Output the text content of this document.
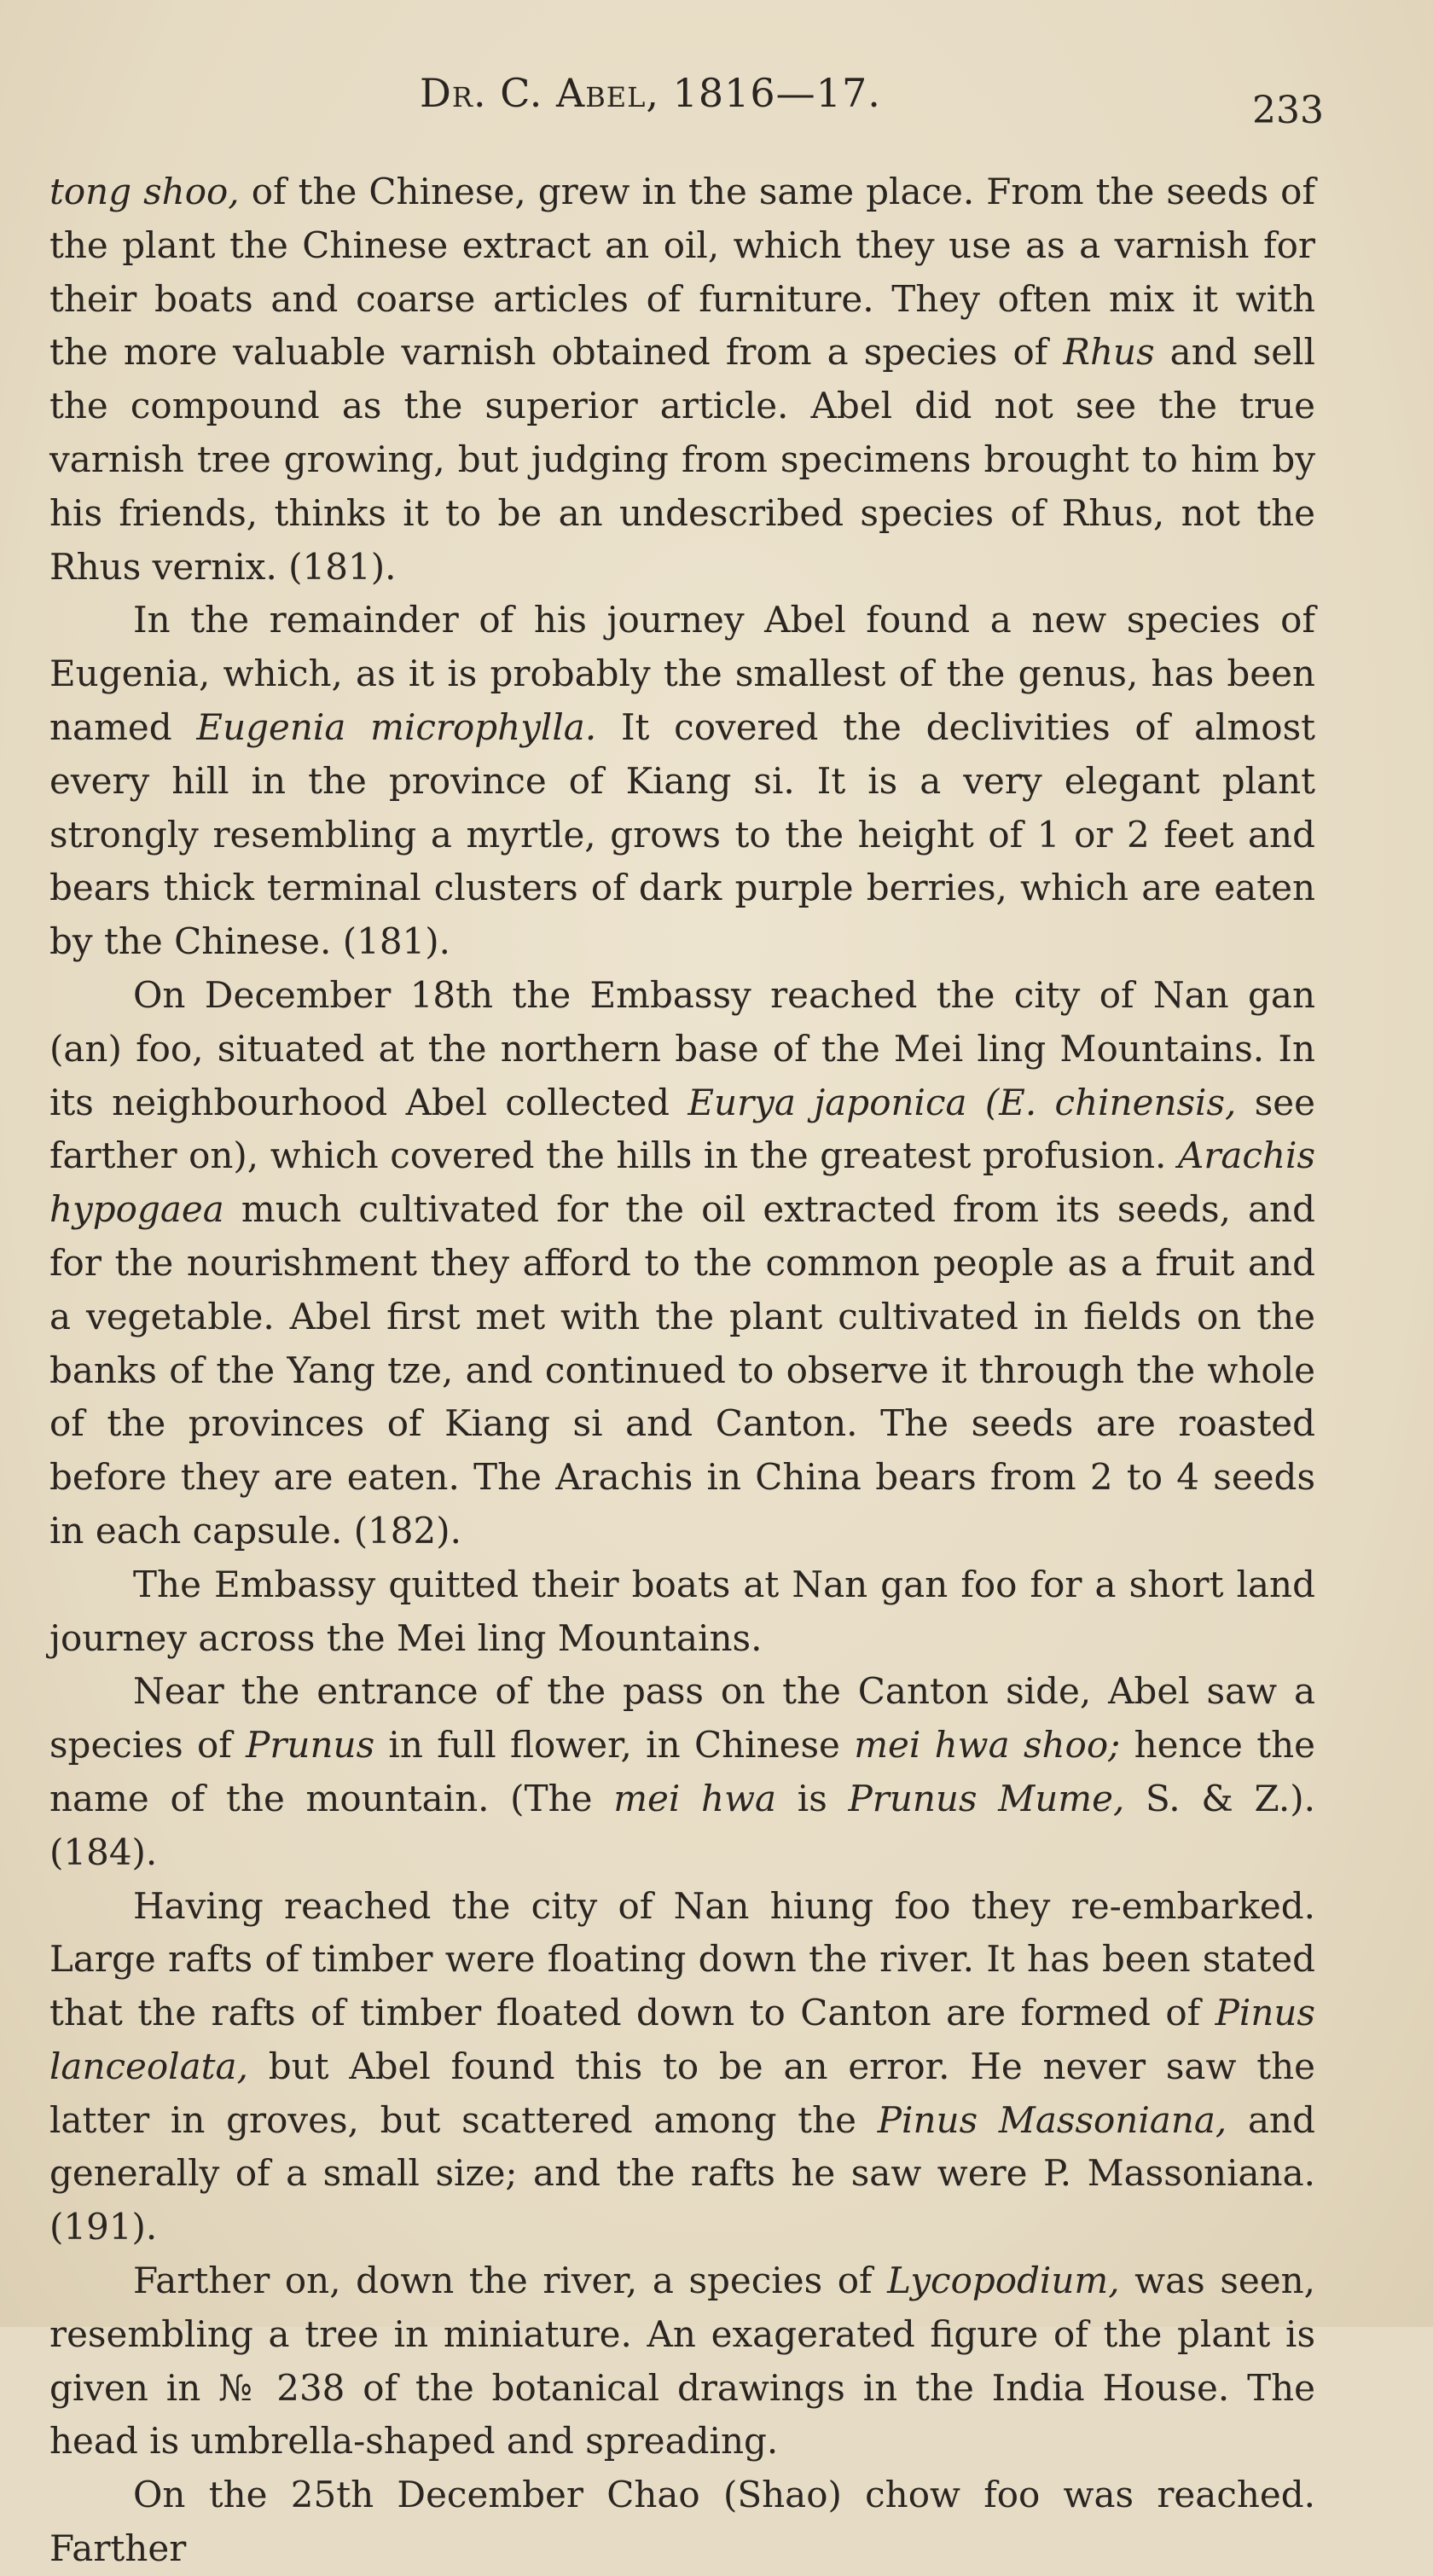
Dr. C. Abel, 1816—17.	233

tong shoo, of the Chinese, grew in the same place. From the seeds of the plant the Chinese extract an oil, which they use as a varnish for their boats and coarse articles of furniture. They often mix it with the more valuable varnish obtained from a species of Rhus and sell the compound as the superior article. Abel did not see the true varnish tree growing, but judging from specimens brought to him by his friends, thinks it to be an undescribed species of Rhus, not the Rhus vernix. (181).

In the remainder of his journey Abel found a new species of Eugenia, which, as it is probably the smallest of the genus, has been named Eugenia microphylla. It covered the declivities of almost every hill in the province of Kiang si. It is a very elegant plant strongly resembling a myrtle, grows to the height of 1 or 2 feet and bears thick terminal clusters of dark purple berries, which are eaten by the Chinese. (181).

On December 18th the Embassy reached the city of Nan gan (an) foo, situated at the northern base of the Mei ling Mountains. In its neighbourhood Abel collected Eurya japonica (E. chinensis, see farther on), which covered the hills in the greatest profusion. Arachis hypogaea much cultivated for the oil extracted from its seeds, and for the nourishment they afford to the common people as a fruit and a vegetable. Abel first met with the plant cultivated in fields on the banks of the Yang tze, and continued to observe it through the whole of the provinces of Kiang si and Canton. The seeds are roasted before they are eaten. The Arachis in China bears from 2 to 4 seeds in each capsule. (182).

The Embassy quitted their boats at Nan gan foo for a short land journey across the Mei ling Mountains.

Near the entrance of the pass on the Canton side, Abel saw a species of Prunus in full flower, in Chinese mei hwa shoo; hence the name of the mountain. (The mei hwa is Prunus Mume, S. & Z.). (184).

Having reached the city of Nan hiung foo they re-embarked. Large rafts of timber were floating down the river. It has been stated that the rafts of timber floated down to Canton are formed of Pinus lanceolata, but Abel found this to be an error. He never saw the latter in groves, but scattered among the Pinus Massoniana, and generally of a small size; and the rafts he saw were P. Massoniana. (191).

Farther on, down the river, a species of Lycopodium, was seen, resembling a tree in miniature. An exagerated figure of the plant is given in № 238 of the botanical drawings in the India House. The head is umbrella-shaped and spreading.

On the 25th December Chao (Shao) chow foo was reached. Farther
